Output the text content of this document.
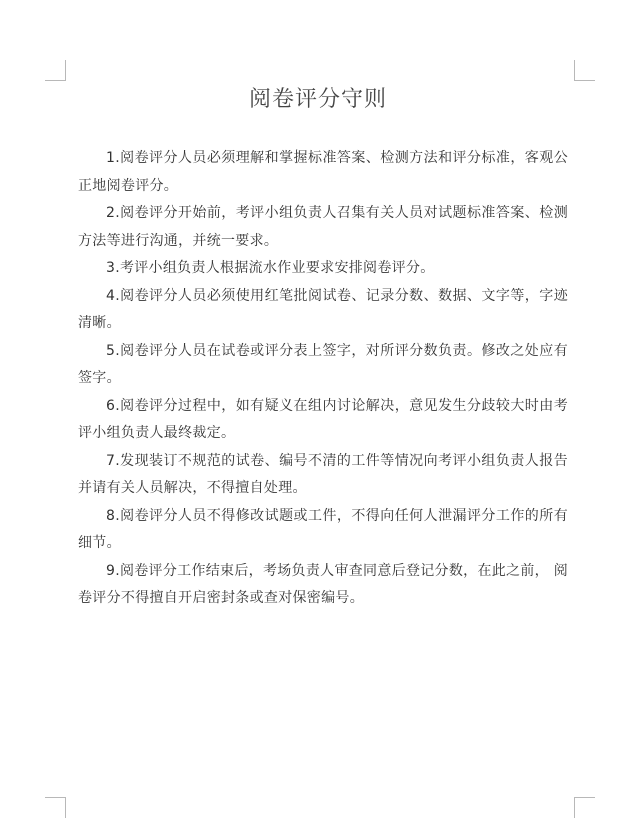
阅卷评分守则
1.阅卷评分人员必须理解和掌握标准答案、检测方法和评分标准，客观公正地阅卷评分。
2.阅卷评分开始前，考评小组负责人召集有关人员对试题标准答案、检测方法等进行沟通，并统一要求。
3.考评小组负责人根据流水作业要求安排阅卷评分。
4.阅卷评分人员必须使用红笔批阅试卷、记录分数、数据、文字等，字迹清晰。
5.阅卷评分人员在试卷或评分表上签字，对所评分数负责。修改之处应有签字。
6.阅卷评分过程中，如有疑义在组内讨论解决，意见发生分歧较大时由考评小组负责人最终裁定。
7.发现装订不规范的试卷、编号不清的工件等情况向考评小组负责人报告并请有关人员解决，不得擅自处理。
8.阅卷评分人员不得修改试题或工件，不得向任何人泄漏评分工作的所有细节。
9.阅卷评分工作结束后，考场负责人审查同意后登记分数，在此之前， 阅卷评分不得擅自开启密封条或查对保密编号。
